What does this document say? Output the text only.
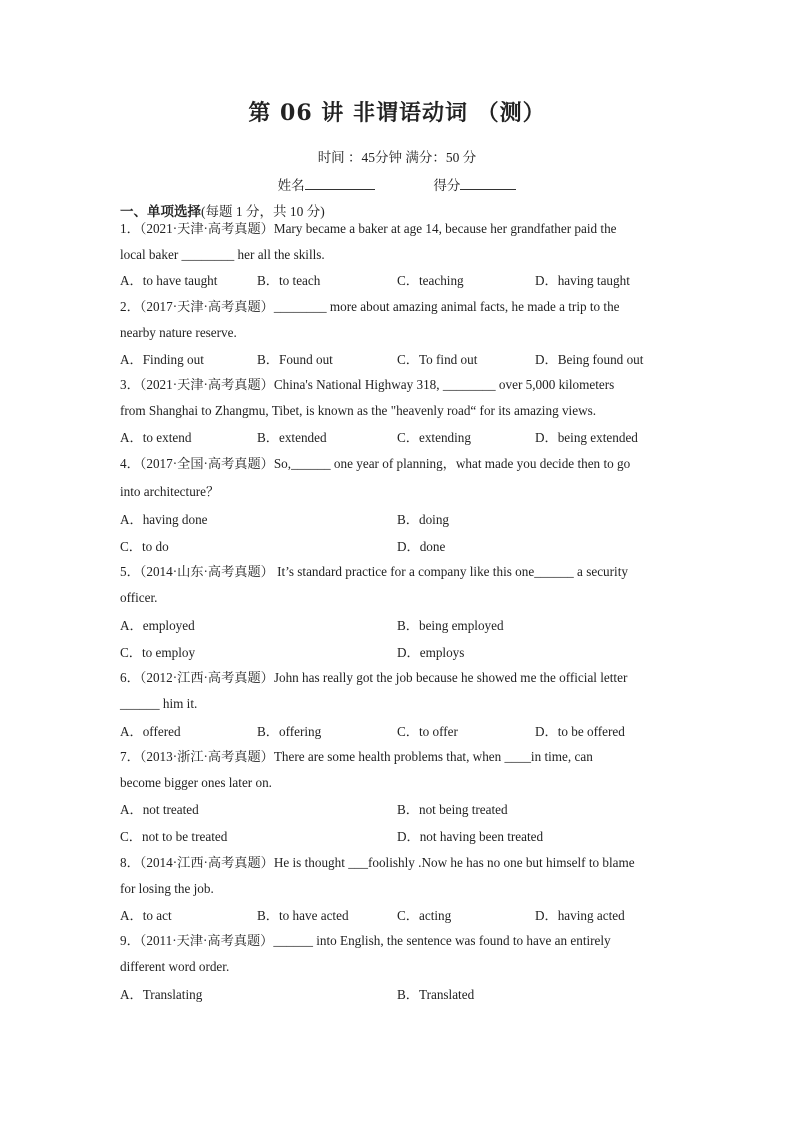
第 06 讲 非谓语动词 （测）
时间 ：45分钟 满分：50 分
姓名	得分
一、单项选择(每题 1 分，共 10 分)
1．（2021·天津·高考真题）Mary became a baker at age 14, because her grandfather paid the
local baker ________ her all the skills.
A．to have taught	B．to teach	C．teaching	D．having taught
2．（2017·天津·高考真题）________ more about amazing animal facts, he made a trip to the
nearby nature reserve.
A．Finding out	B．Found out	C．To find out	D．Being found out
3．（2021·天津·高考真题）China's National Highway 318, ________ over 5,000 kilometers
from Shanghai to Zhangmu, Tibet, is known as the "heavenly road“ for its amazing views.
A．to extend	B．extended	C．extending	D．being extended
4．（2017·全国·高考真题）So,______ one year of planning，what made you decide then to go
into architecture？
A．having done	B．doing
C．to do	D．done
5．（2014·山东·高考真题） It’s standard practice for a company like this one______ a security
officer.
A．employed	B．being employed
C．to employ	D．employs
6．（2012·江西·高考真题）John has really got the job because he showed me the official letter
______ him it.
A．offered	B．offering	C．to offer	D．to be offered
7．（2013·浙江·高考真题）There are some health problems that, when ____in time, can
become bigger ones later on.
A．not treated	B．not being treated
C．not to be treated	D．not having been treated
8．（2014·江西·高考真题）He is thought ___foolishly .Now he has no one but himself to blame
for losing the job.
A．to act	B．to have acted	C．acting	D．having acted
9．（2011·天津·高考真题）______ into English, the sentence was found to have an entirely
different word order.
A．Translating	B．Translated
